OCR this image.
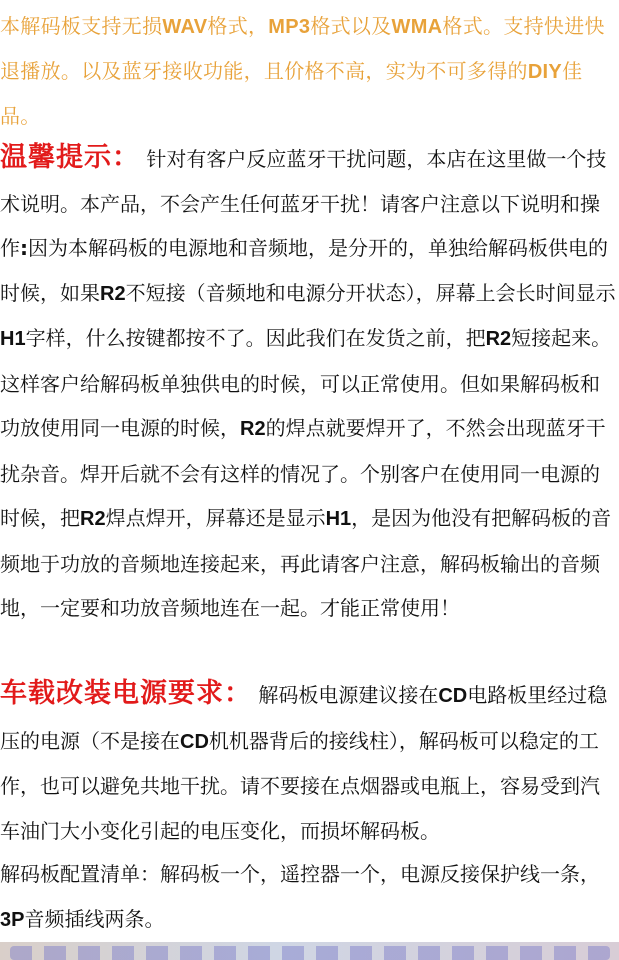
本解码板支持无损WAV格式，MP3格式以及WMA格式。支持快进快退播放。以及蓝牙接收功能，且价格不高，实为不可多得的DIY佳品。

温馨提示： 针对有客户反应蓝牙干扰问题，本店在这里做一个技术说明。本产品，不会产生任何蓝牙干扰！请客户注意以下说明和操作:因为本解码板的电源地和音频地，是分开的，单独给解码板供电的时候，如果R2不短接（音频地和电源分开状态），屏幕上会长时间显示H1字样，什么按键都按不了。因此我们在发货之前，把R2短接起来。这样客户给解码板单独供电的时候，可以正常使用。但如果解码板和功放使用同一电源的时候，R2的焊点就要焊开了，不然会出现蓝牙干扰杂音。焊开后就不会有这样的情况了。个别客户在使用同一电源的时候，把R2焊点焊开，屏幕还是显示H1，是因为他没有把解码板的音频地于功放的音频地连接起来，再此请客户注意，解码板输出的音频地，一定要和功放音频地连在一起。才能正常使用！

车载改装电源要求： 解码板电源建议接在CD电路板里经过稳压的电源（不是接在CD机机器背后的接线柱），解码板可以稳定的工作，也可以避免共地干扰。请不要接在点烟器或电瓶上，容易受到汽车油门大小变化引起的电压变化，而损坏解码板。

解码板配置清单：解码板一个，遥控器一个，电源反接保护线一条，3P音频插线两条。
